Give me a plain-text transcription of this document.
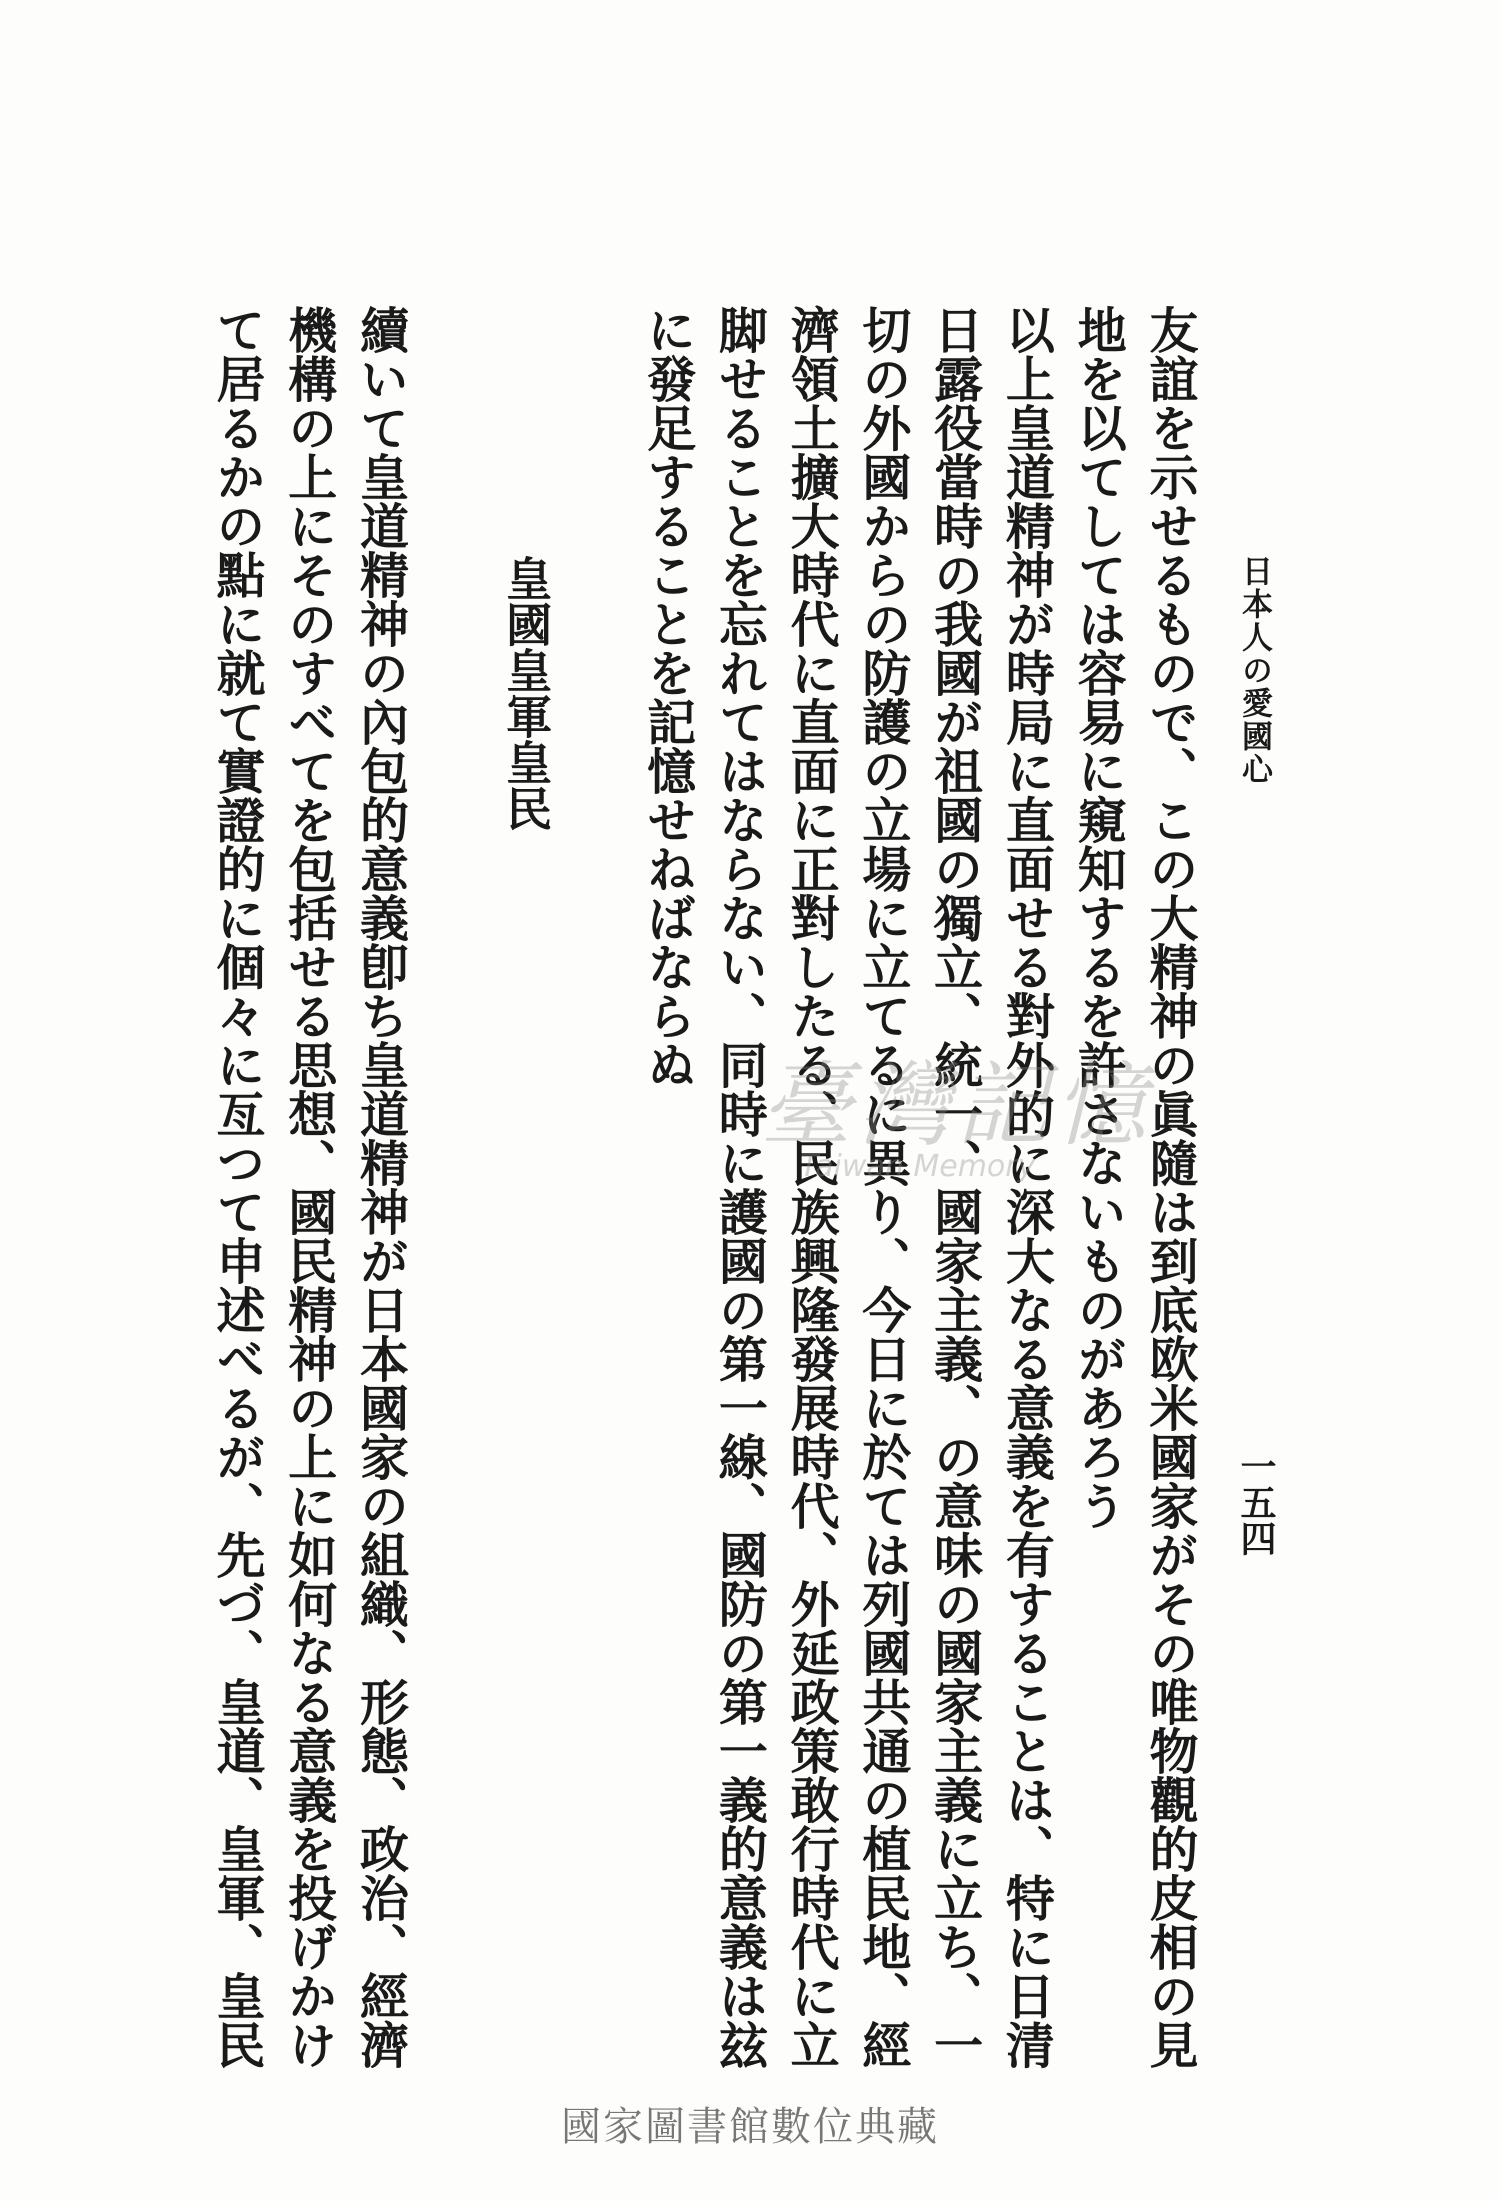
日本人の愛國心
一五四
友誼を示せるもので、この大精神の眞隨は到底欧米國家がその唯物觀的皮相の見
地を以てしては容易に窺知するを許さないものがあろう
以上皇道精神が時局に直面せる對外的に深大なる意義を有することは、特に日清
日露役當時の我國が祖國の獨立、統一、國家主義、の意味の國家主義に立ち、一
切の外國からの防護の立場に立てるに異り、今日に於ては列國共通の植民地、經
濟領土擴大時代に直面に正對したる、民族興隆發展時代、外延政策敢行時代に立
脚せることを忘れてはならない、同時に護國の第一線、國防の第一義的意義は玆
に發足することを記憶せねばならぬ
皇國皇軍皇民
續いて皇道精神の內包的意義卽ち皇道精神が日本國家の組織、形態、政治、經濟
機構の上にそのすべてを包括せる思想、國民精神の上に如何なる意義を投げかけ
て居るかの點に就て實證的に個々に亙つて申述べるが、先づ、皇道、皇軍、皇民	臺灣記憶
Taiwan Memory
國家圖書館數位典藏
